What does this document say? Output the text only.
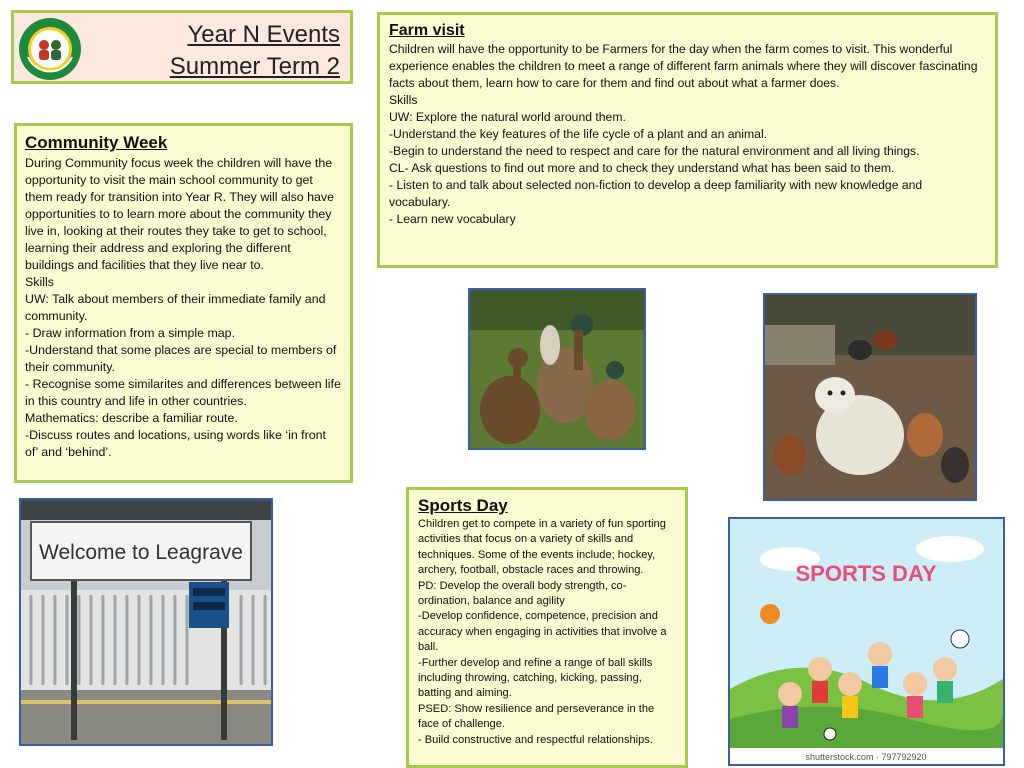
Year N Events
Summer Term 2
Community Week
During Community focus week the children will have the opportunity to visit the main school community to get them ready for transition into Year R. They will also have opportunities to to learn more about the community they live in, looking at their routes they take to get to school, learning their address and exploring the different buildings and facilities that they live near to.
Skills
UW: Talk about members of their immediate family and community.
- Draw information from a simple map.
-Understand that some places are special to members of their community.
- Recognise some similarites and differences between life in this country and life in other countries.
Mathematics: describe a familiar route.
-Discuss routes and locations, using words like ‘in front of’ and ‘behind’.
Farm visit
Children will have the opportunity to be Farmers for the day when the farm comes to visit. This wonderful experience enables the children to meet a range of different farm animals where they will discover fascinating facts about them, learn how to care for them and find out about what a farmer does.
Skills
UW: Explore the natural world around them.
-Understand the key features of the life cycle of a plant and an animal.
-Begin to understand the need to respect and care for the natural environment and all living things.
CL- Ask questions to find out more and to check they understand what has been said to them.
- Listen to and talk about selected non-fiction to develop a deep familiarity with new knowledge and vocabulary.
- Learn new vocabulary
Sports Day
Children get to compete in a variety of fun sporting activities that focus on a variety of skills and techniques. Some of the events include; hockey, archery, football, obstacle races and throwing.
PD: Develop the overall body strength, co-ordination, balance and agility
-Develop confidence, competence, precision and accuracy when engaging in activities that involve a ball.
-Further develop and refine a range of ball skills including throwing, catching, kicking, passing, batting and aiming.
PSED: Show resilience and perseverance in the face of challenge.
- Build constructive and respectful relationships.
Welcome to Leagrave
SPORTS DAY
shutterstock.com · 797792920
